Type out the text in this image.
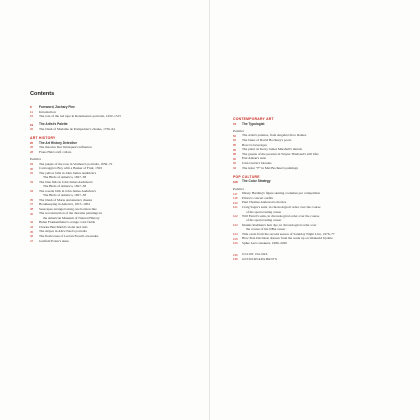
Contents
8	Foreword, Zachary Fine
11	Introduction
15	The role of the red tape in Renaissance portraits, 1450–1515
19	The Artist's Palette
20	The blush of Madame de Pompadour's cheeks, 1756–64
ART HISTORY
25	The Art History Detective
26	The theories that Velázquez's influence
28	Frans Hals's ruff collars
Palettes
29	The purple of the rose in Vermeer's portraits, 1656–72
30	Caravaggio's Boy with a Basket of Fruit, 1593
32	The yellow bills in John James Audubon's
The Birds of America, 1827–38
33	The blue bills in John James Audubon's
The Birds of America, 1827–38
34	The rosette bills in John James Audubon's
The Birds of America, 1827–38
35	The blush of Marie Antoinette's cheeks
37	Bookkeeping in America, 1815–1904
38	Seascapes arranged along one horizon line
40	The reconstruction of the diorama paintings in
the American Museum of Natural History
42	Helen Frankenthaler's orange color fields
44	Charles Burchfield's violet and reds
45	The stripes in Alice Neel's portraits
46	The flesh tones of Lucian Freud's are-nudes
47	Garfield Potter's skies
CONTEMPORARY ART
72	The Typologist
Palettes
82	The artist's palettes, from Angelucchi to Ramos
84	The blues of David Hockney's pools
85	Bosco's beverages
86	The paint on Kerry James Marshall's murals
88	The greens of the peonies in Wayne Thiebaud's still lifes
90	Etel Adnan's suns
92	John Currin's blondes
94	The letter "F" in Mel Bochner's paintings
POP CULTURE
108	The Color Strategy
Palettes
117	Ditsey Harding's figure skating costumes per competition
118	Prince's concert outfits
120	Paul Thomas Anderson's movies
121	Craig Sager's suits, in chronological order over the course
of his sportscasting career
122	Will Ferrel's suits, in chronological order over the course
of his sportscasting career
123	Dennis Rodman's hair dye, in chronological order over
the course of his NBA career
124	Title cards from the second season of Saturday Night Live, 1976–77
125	How Pete Davidson dresses from the week up on Weekend Update
126	Spike Lee's sneakers, 1980–2020
136	COLOR VALUES
138	ACKNOWLEDGMENTS
